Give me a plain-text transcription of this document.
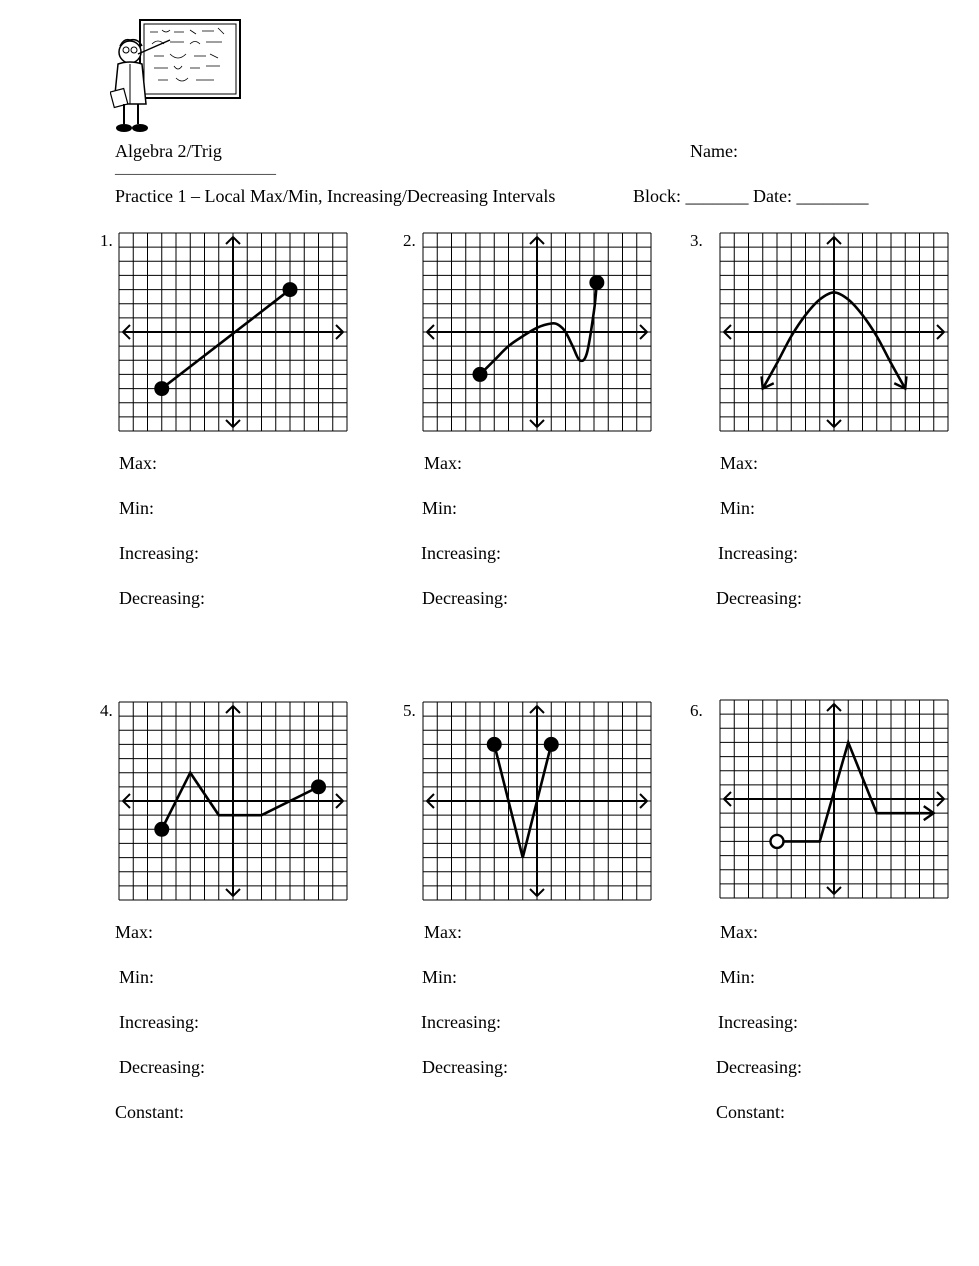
Algebra 2/Trig	Name:
_______________________
Practice 1 – Local Max/Min, Increasing/Decreasing Intervals	Block: _______ Date: ________
1.	2.	3.
4.	5.	6.
Max:
Min:
Increasing:
Decreasing:
Max:
Min:
Increasing:
Decreasing:
Max:
Min:
Increasing:
Decreasing:
Max:
Min:
Increasing:
Decreasing:
Constant:
Max:
Min:
Increasing:
Decreasing:
Max:
Min:
Increasing:
Decreasing:
Constant:
